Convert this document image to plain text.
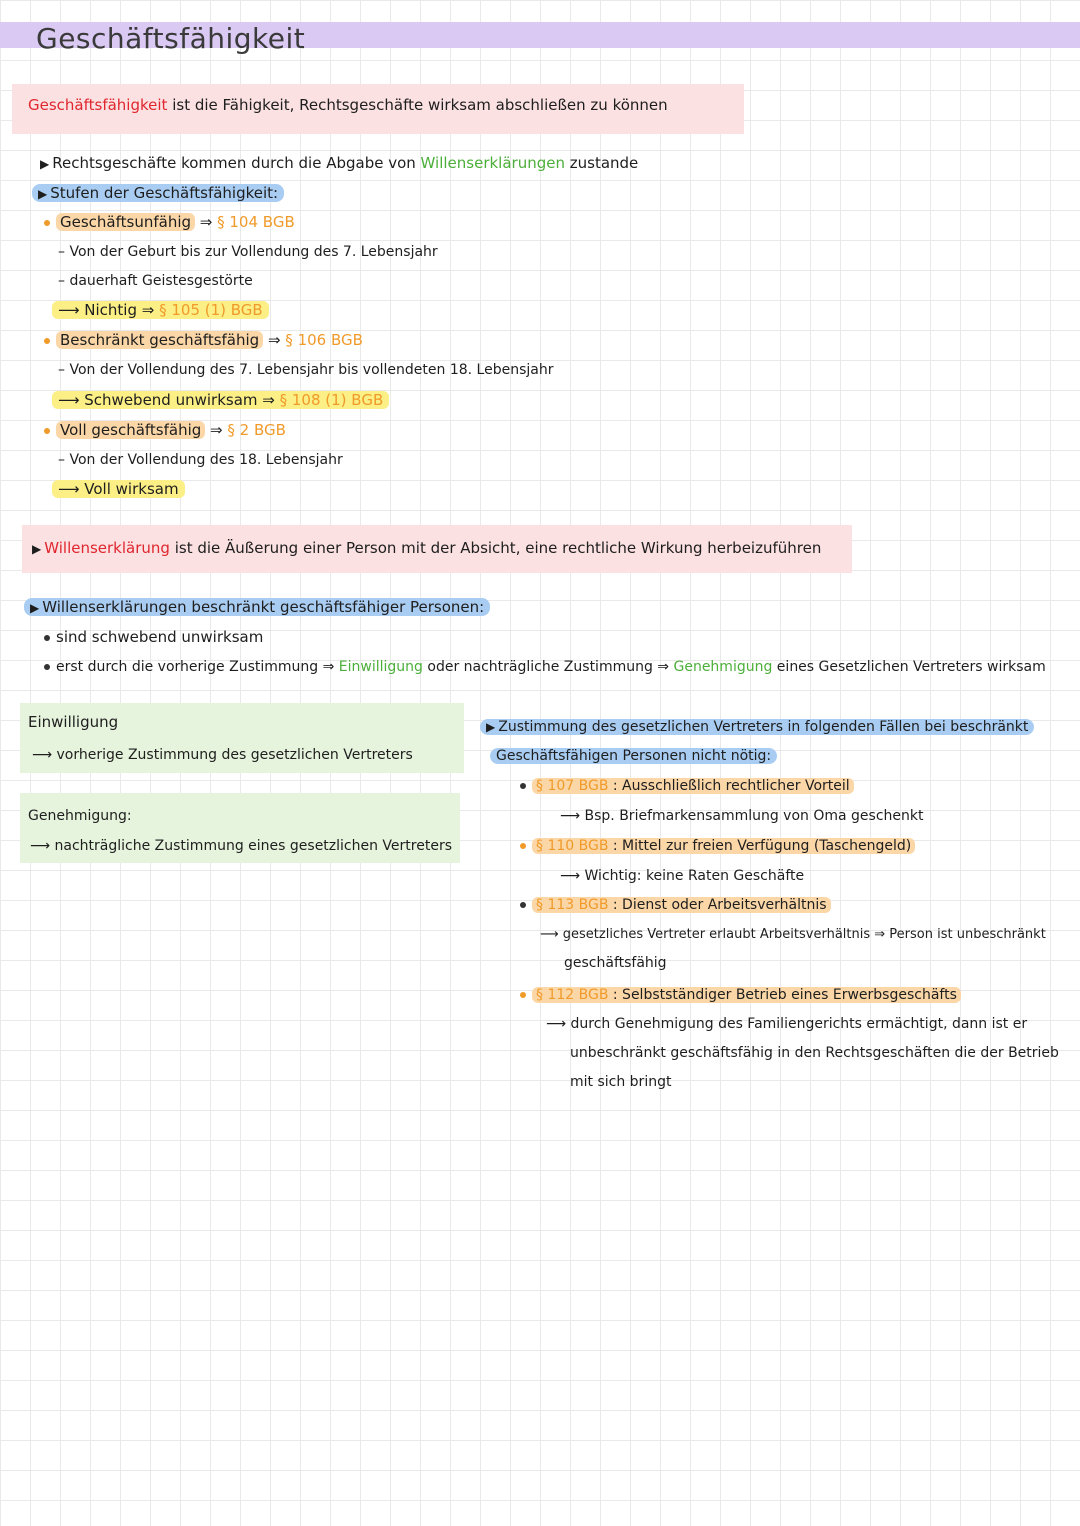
Geschäftsfähigkeit
Geschäftsfähigkeit ist die Fähigkeit, Rechtsgeschäfte wirksam abschließen zu können
▶ Rechtsgeschäfte kommen durch die Abgabe von Willenserklärungen zustande
▶ Stufen der Geschäftsfähigkeit:
Geschäftsunfähig ⇒ § 104 BGB
– Von der Geburt bis zur Vollendung des 7. Lebensjahr
– dauerhaft Geistesgestörte
⟶ Nichtig ⇒ § 105 (1) BGB
Beschränkt geschäftsfähig ⇒ § 106 BGB
– Von der Vollendung des 7. Lebensjahr bis vollendeten 18. Lebensjahr
⟶ Schwebend unwirksam ⇒ § 108 (1) BGB
Voll geschäftsfähig ⇒ § 2 BGB
– Von der Vollendung des 18. Lebensjahr
⟶ Voll wirksam
▶ Willenserklärung ist die Äußerung einer Person mit der Absicht, eine rechtliche Wirkung herbeizuführen
▶ Willenserklärungen beschränkt geschäftsfähiger Personen:
sind schwebend unwirksam
erst durch die vorherige Zustimmung ⇒ Einwilligung oder nachträgliche Zustimmung ⇒ Genehmigung eines Gesetzlichen Vertreters wirksam
Einwilligung
⟶ vorherige Zustimmung des gesetzlichen Vertreters
Genehmigung:
⟶ nachträgliche Zustimmung eines gesetzlichen Vertreters
▶ Zustimmung des gesetzlichen Vertreters in folgenden Fällen bei beschränkt
Geschäftsfähigen Personen nicht nötig:
§ 107 BGB : Ausschließlich rechtlicher Vorteil
⟶ Bsp. Briefmarkensammlung von Oma geschenkt
§ 110 BGB : Mittel zur freien Verfügung (Taschengeld)
⟶ Wichtig: keine Raten Geschäfte
§ 113 BGB : Dienst oder Arbeitsverhältnis
⟶ gesetzliches Vertreter erlaubt Arbeitsverhältnis ⇒ Person ist unbeschränkt
geschäftsfähig
§ 112 BGB : Selbstständiger Betrieb eines Erwerbsgeschäfts
⟶ durch Genehmigung des Familiengerichts ermächtigt, dann ist er
unbeschränkt geschäftsfähig in den Rechtsgeschäften die der Betrieb
mit sich bringt
